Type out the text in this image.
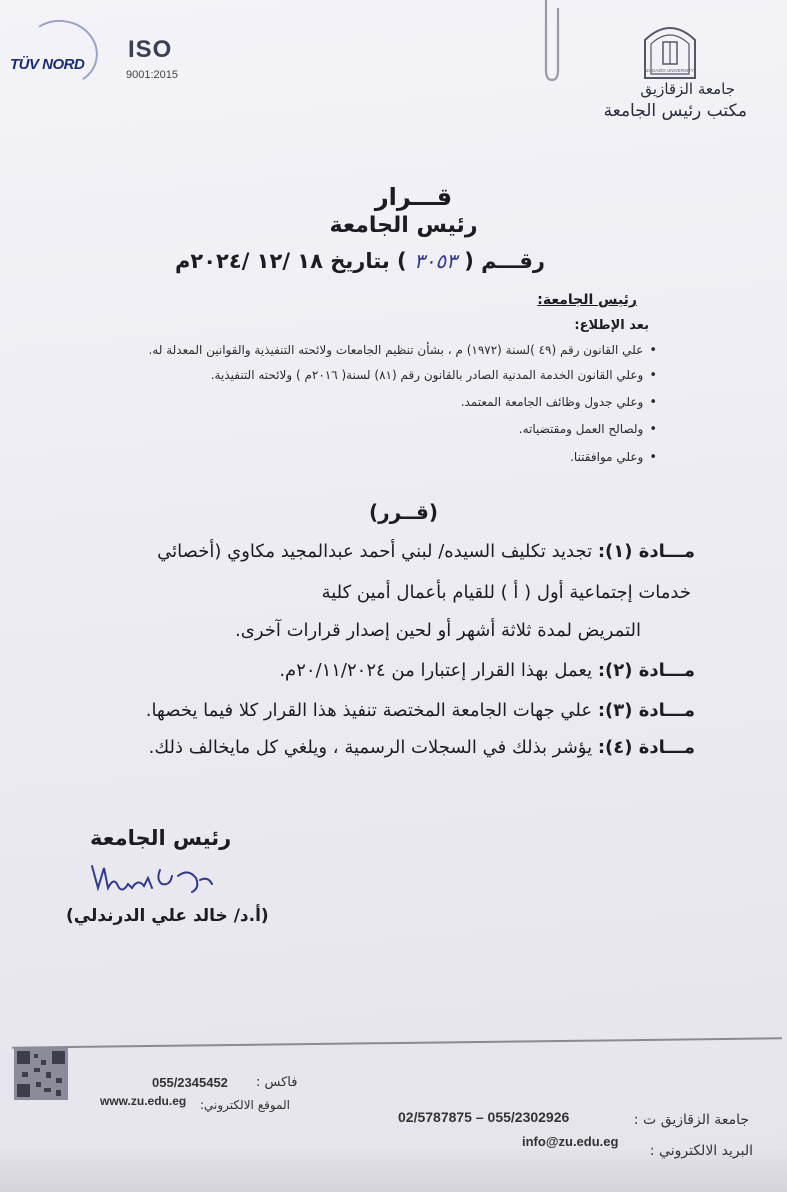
TÜV NORD
ISO
9001:2015	ZAGAZIG UNIVERSITY
جامعة الزقازيق
مكتب رئيس الجامعة
قـــرار
رئيس الجامعة
رقـــم ( ٣٠٥٣ ) بتاريخ ١٨ /١٢ /٢٠٢٤م
رئيس الجامعة:
بعد الإطلاع:
•علي القانون رقم (٤٩ )لسنة (١٩٧٢) م ، بشأن تنظيم الجامعات ولائحته التنفيذية والقوانين المعدلة له.
•وعلي القانون الخدمة المدنية الصادر بالقانون رقم (٨١) لسنة( ٢٠١٦م ) ولائحته التنفيذية.
•وعلي جدول وظائف الجامعة المعتمد.
•ولصالح العمل ومقتضياته.
•وعلي موافقتنا.
(قــرر)
مـــادة (١): تجديد تكليف السيده/ لبني أحمد عبدالمجيد مكاوي (أخصائي
خدمات إجتماعية أول ( أ ) للقيام بأعمال أمين كلية
التمريض لمدة ثلاثة أشهر أو لحين إصدار قرارات آخرى.
مـــادة (٢): يعمل بهذا القرار إعتبارا من ٢٠/١١/٢٠٢٤م.
مـــادة (٣): علي جهات الجامعة المختصة تنفيذ هذا القرار كلا فيما يخصها.
مـــادة (٤): يؤشر بذلك في السجلات الرسمية ، ويلغي كل مايخالف ذلك.
رئيس الجامعة
(أ.د/ خالد علي الدرندلي)
055/2345452 فاكس :
www.zu.edu.eg الموقع الالكتروني:
02/5787875 – 055/2302926	جامعة الزقازيق ت :
info@zu.edu.eg
البريد الالكتروني :
